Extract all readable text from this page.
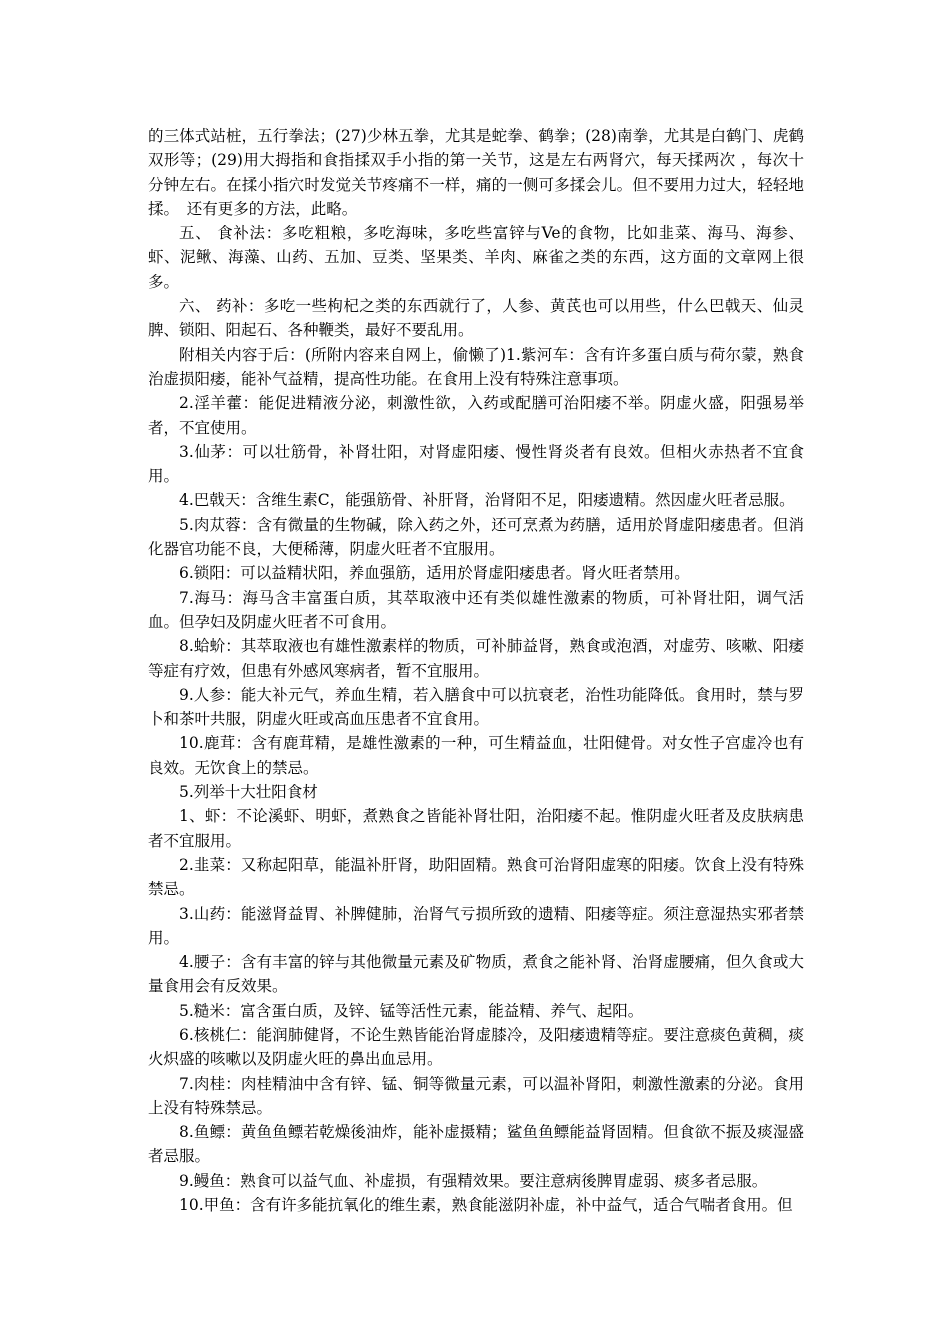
的三体式站桩，五行拳法；(27)少林五拳，尤其是蛇拳、鹤拳；(28)南拳，尤其是白鹤门、虎鹤双形等；(29)用大拇指和食指揉双手小指的第一关节，这是左右两肾穴，每天揉两次 ，每次十分钟左右。在揉小指穴时发觉关节疼痛不一样，痛的一侧可多揉会儿。但不要用力过大，轻轻地揉。　还有更多的方法，此略。

五、 食补法：多吃粗粮，多吃海味，多吃些富锌与Ve的食物，比如韭菜、海马、海参、虾、泥鳅、海藻、山药、五加、豆类、坚果类、羊肉、麻雀之类的东西，这方面的文章网上很多。

六、 药补：多吃一些枸杞之类的东西就行了，人参、黄芪也可以用些，什么巴戟天、仙灵脾、锁阳、阳起石、各种鞭类，最好不要乱用。

附相关内容于后：(所附内容来自网上，偷懒了)1.紫河车：含有许多蛋白质与荷尔蒙，熟食治虚损阳痿，能补气益精，提高性功能。在食用上没有特殊注意事项。

2.淫羊藿：能促进精液分泌，刺激性欲，入药或配膳可治阳痿不举。阴虚火盛，阳强易举者，不宜使用。

3.仙茅：可以壮筋骨，补肾壮阳，对肾虚阳痿、慢性肾炎者有良效。但相火赤热者不宜食用。

4.巴戟天：含维生素C，能强筋骨、补肝肾，治肾阳不足，阳痿遗精。然因虚火旺者忌服。

5.肉苁蓉：含有微量的生物碱，除入药之外，还可烹煮为药膳，适用於肾虚阳痿患者。但消化器官功能不良，大便稀薄，阴虚火旺者不宜服用。

6.锁阳：可以益精状阳，养血强筋，适用於肾虚阳痿患者。肾火旺者禁用。

7.海马：海马含丰富蛋白质，其萃取液中还有类似雄性激素的物质，可补肾壮阳，调气活血。但孕妇及阴虚火旺者不可食用。

8.蛤蚧：其萃取液也有雄性激素样的物质，可补肺益肾，熟食或泡酒，对虚劳、咳嗽、阳痿等症有疗效，但患有外感风寒病者，暂不宜服用。

9.人参：能大补元气，养血生精，若入膳食中可以抗衰老，治性功能降低。食用时，禁与罗卜和茶叶共服，阴虚火旺或高血压患者不宜食用。

10.鹿茸：含有鹿茸精，是雄性激素的一种，可生精益血，壮阳健骨。对女性子宫虚冷也有良效。无饮食上的禁忌。

5.列举十大壮阳食材

1、虾：不论溪虾、明虾，煮熟食之皆能补肾壮阳，治阳痿不起。惟阴虚火旺者及皮肤病患者不宜服用。

2.韭菜：又称起阳草，能温补肝肾，助阳固精。熟食可治肾阳虚寒的阳痿。饮食上没有特殊禁忌。

3.山药：能滋肾益胃、补脾健肺，治肾气亏损所致的遗精、阳痿等症。须注意湿热实邪者禁用。

4.腰子：含有丰富的锌与其他微量元素及矿物质，煮食之能补肾、治肾虚腰痛，但久食或大量食用会有反效果。

5.糙米：富含蛋白质，及锌、锰等活性元素，能益精、养气、起阳。

6.核桃仁：能润肺健肾，不论生熟皆能治肾虚膝冷，及阳痿遗精等症。要注意痰色黄稠，痰火炽盛的咳嗽以及阴虚火旺的鼻出血忌用。

7.肉桂：肉桂精油中含有锌、锰、铜等微量元素，可以温补肾阳，刺激性激素的分泌。食用上没有特殊禁忌。

8.鱼鳔：黄鱼鱼鳔若乾燥後油炸，能补虚摄精；鲨鱼鱼鳔能益肾固精。但食欲不振及痰湿盛者忌服。

9.鳗鱼：熟食可以益气血、补虚损，有强精效果。要注意病後脾胃虚弱、痰多者忌服。

10.甲鱼：含有许多能抗氧化的维生素，熟食能滋阴补虚，补中益气，适合气喘者食用。但
